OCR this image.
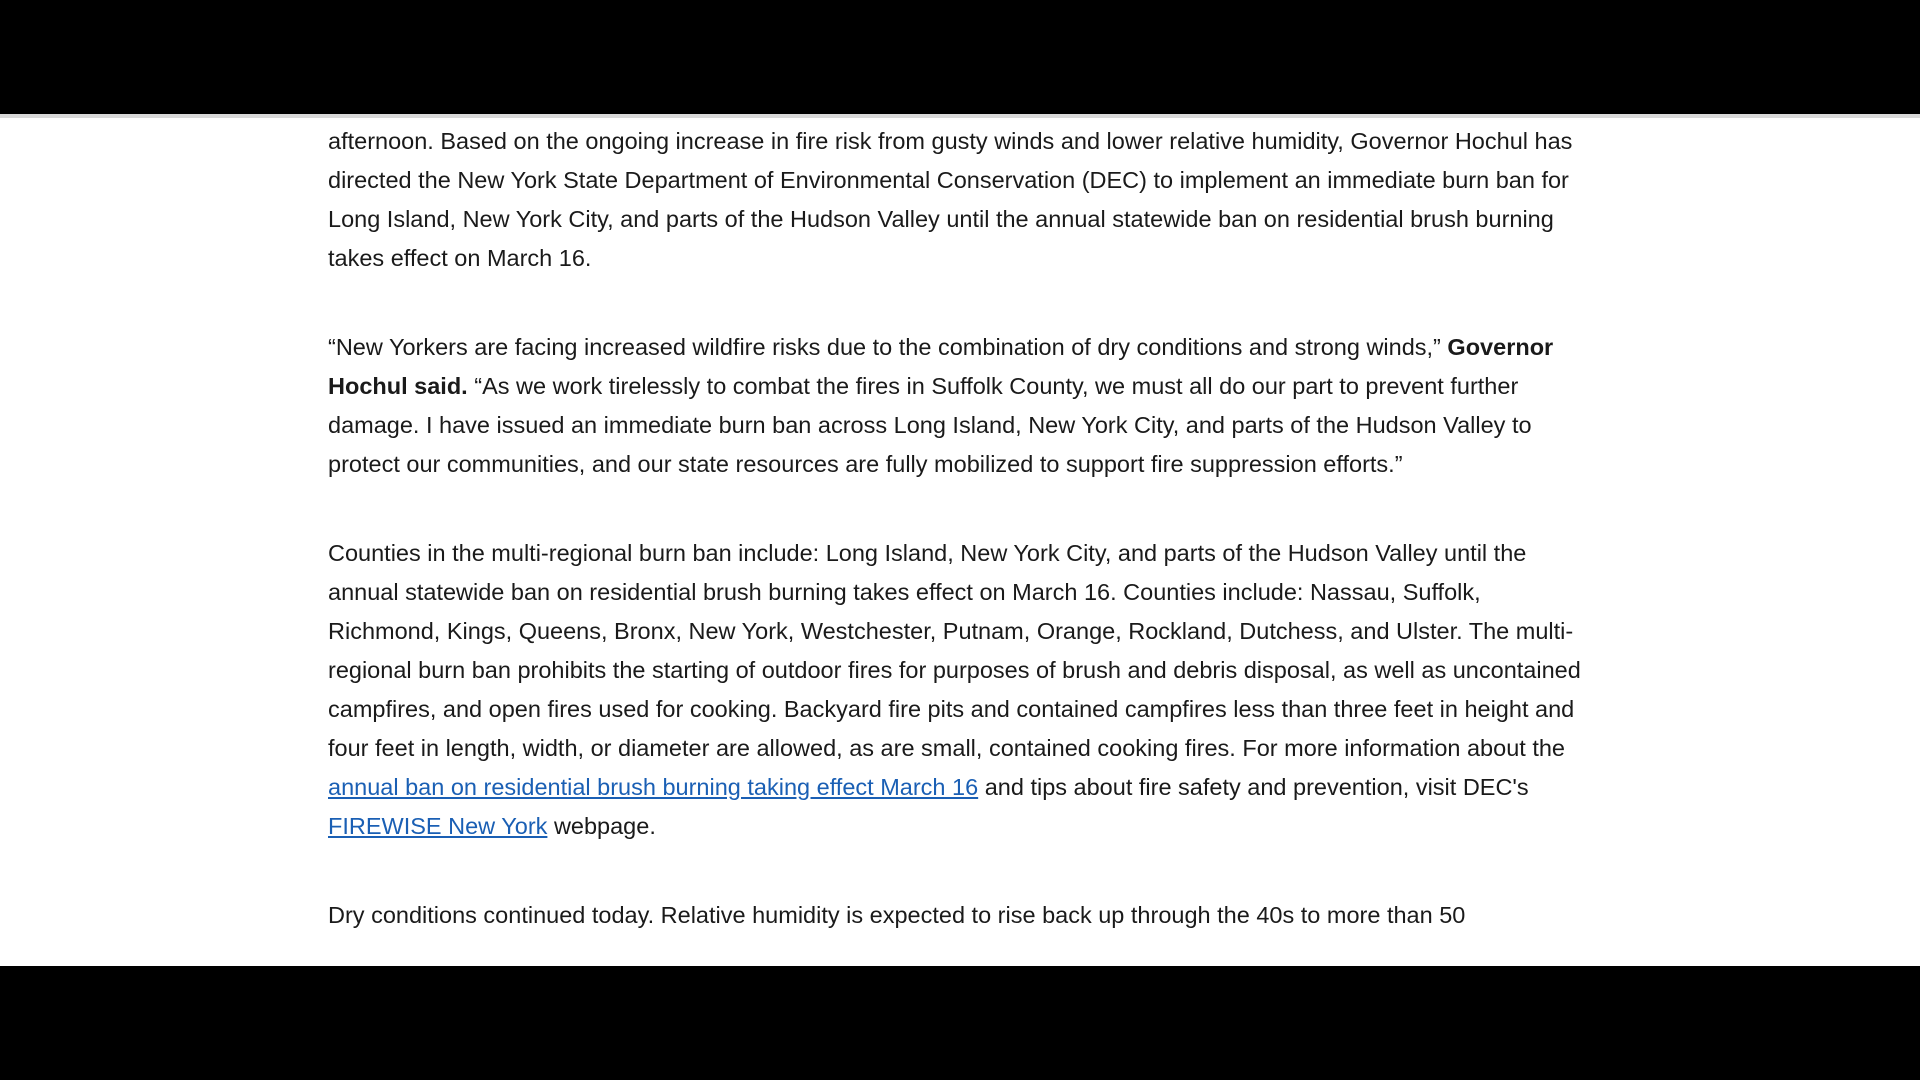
afternoon. Based on the ongoing increase in fire risk from gusty winds and lower relative humidity, Governor Hochul has directed the New York State Department of Environmental Conservation (DEC) to implement an immediate burn ban for Long Island, New York City, and parts of the Hudson Valley until the annual statewide ban on residential brush burning takes effect on March 16.

“New Yorkers are facing increased wildfire risks due to the combination of dry conditions and strong winds,” Governor Hochul said. “As we work tirelessly to combat the fires in Suffolk County, we must all do our part to prevent further damage. I have issued an immediate burn ban across Long Island, New York City, and parts of the Hudson Valley to protect our communities, and our state resources are fully mobilized to support fire suppression efforts.”

Counties in the multi-regional burn ban include: Long Island, New York City, and parts of the Hudson Valley until the annual statewide ban on residential brush burning takes effect on March 16. Counties include: Nassau, Suffolk, Richmond, Kings, Queens, Bronx, New York, Westchester, Putnam, Orange, Rockland, Dutchess, and Ulster. The multi-regional burn ban prohibits the starting of outdoor fires for purposes of brush and debris disposal, as well as uncontained campfires, and open fires used for cooking. Backyard fire pits and contained campfires less than three feet in height and four feet in length, width, or diameter are allowed, as are small, contained cooking fires. For more information about the annual ban on residential brush burning taking effect March 16 and tips about fire safety and prevention, visit DEC's FIREWISE New York webpage.

Dry conditions continued today. Relative humidity is expected to rise back up through the 40s to more than 50
